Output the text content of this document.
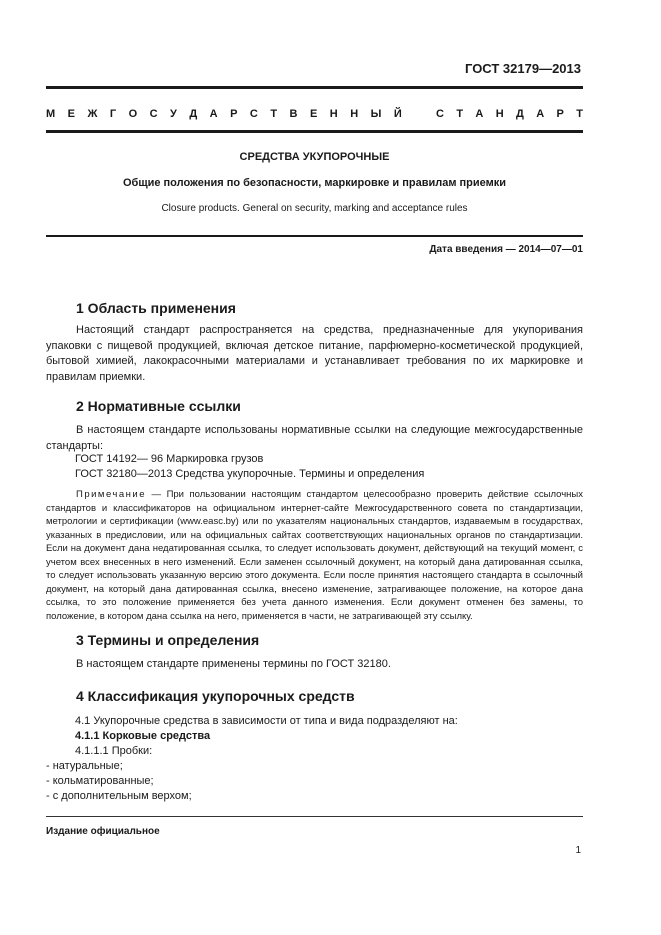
ГОСТ 32179—2013
М Е Ж Г О С У Д А Р С Т В Е Н Н Ы Й	С Т А Н Д А Р Т
СРЕДСТВА УКУПОРОЧНЫЕ
Общие положения по безопасности, маркировке и правилам приемки
Closure products. General on security, marking and acceptance rules
Дата введения — 2014—07—01
1 Область применения

Настоящий стандарт распространяется на средства, предназначенные для укупоривания упаковки с пищевой продукцией, включая детское питание, парфюмерно-косметической продукцией, бытовой химией, лакокрасочными материалами и устанавливает требования по их маркировке и правилам приемки.

2 Нормативные ссылки

В настоящем стандарте использованы нормативные ссылки на следующие межгосударственные стандарты:

ГОСТ 14192— 96 Маркировка грузов
ГОСТ 32180—2013 Средства укупорочные. Термины и определения

Примечание — При пользовании настоящим стандартом целесообразно проверить действие ссылочных стандартов и классификаторов на официальном интернет-сайте Межгосударственного совета по стандартизации, метрологии и сертификации (www.easc.by) или по указателям национальных стандартов, издаваемым в государствах, указанных в предисловии, или на официальных сайтах соответствующих национальных органов по стандартизации. Если на документ дана недатированная ссылка, то следует использовать документ, действующий на текущий момент, с учетом всех внесенных в него изменений. Если заменен ссылочный документ, на который дана датированная ссылка, то следует использовать указанную версию этого документа. Если после принятия настоящего стандарта в ссылочный документ, на который дана датированная ссылка, внесено изменение, затрагивающее положение, на которое дана ссылка, то это положение применяется без учета данного изменения. Если документ отменен без замены, то положение, в котором дана ссылка на него, применяется в части, не затрагивающей эту ссылку.

3 Термины и определения

В настоящем стандарте применены термины по ГОСТ 32180.

4 Классификация укупорочных средств
4.1 Укупорочные средства в зависимости от типа и вида подразделяют на:
4.1.1 Корковые средства
4.1.1.1 Пробки:
- натуральные;
- кольматированные;
- с дополнительным верхом;
Издание официальное
1
